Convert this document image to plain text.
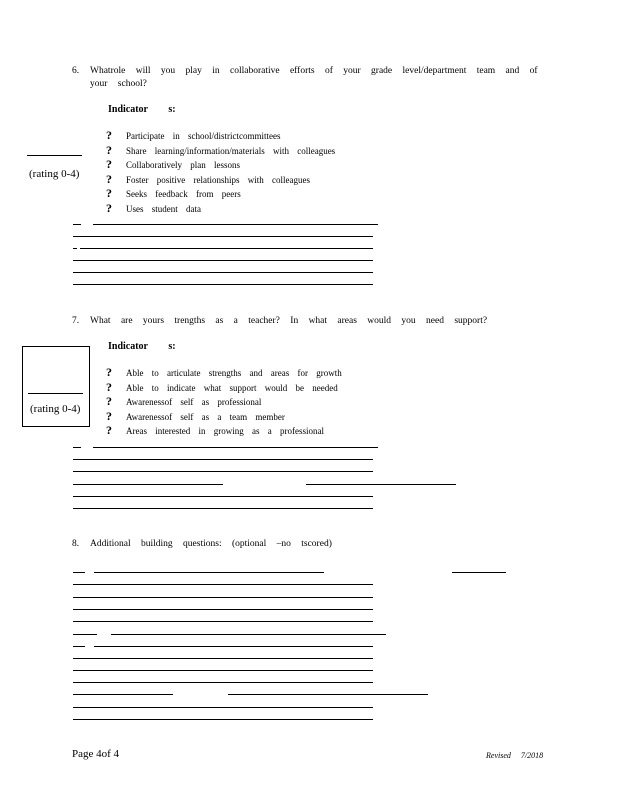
6. Whatrole will you play in collaborative efforts of your grade level/department team and of
your school?
Indicator s:
? Participate in school/districtcommittees
? Share learning/information/materials with colleagues
? Collaboratively plan lessons
? Foster positive relationships with colleagues
? Seeks feedback from peers
? Uses student data
(rating 0-4)
7. What are yours trengths as a teacher? In what areas would you need support?
Indicator s:
? Able to articulate strengths and areas for growth
? Able to indicate what support would be needed
? Awarenessof self as professional
? Awarenessof self as a team member
? Areas interested in growing as a professional
(rating 0-4)
8. Additional building questions: (optional –no tscored)
Page 4of 4	Revised 7/2018
